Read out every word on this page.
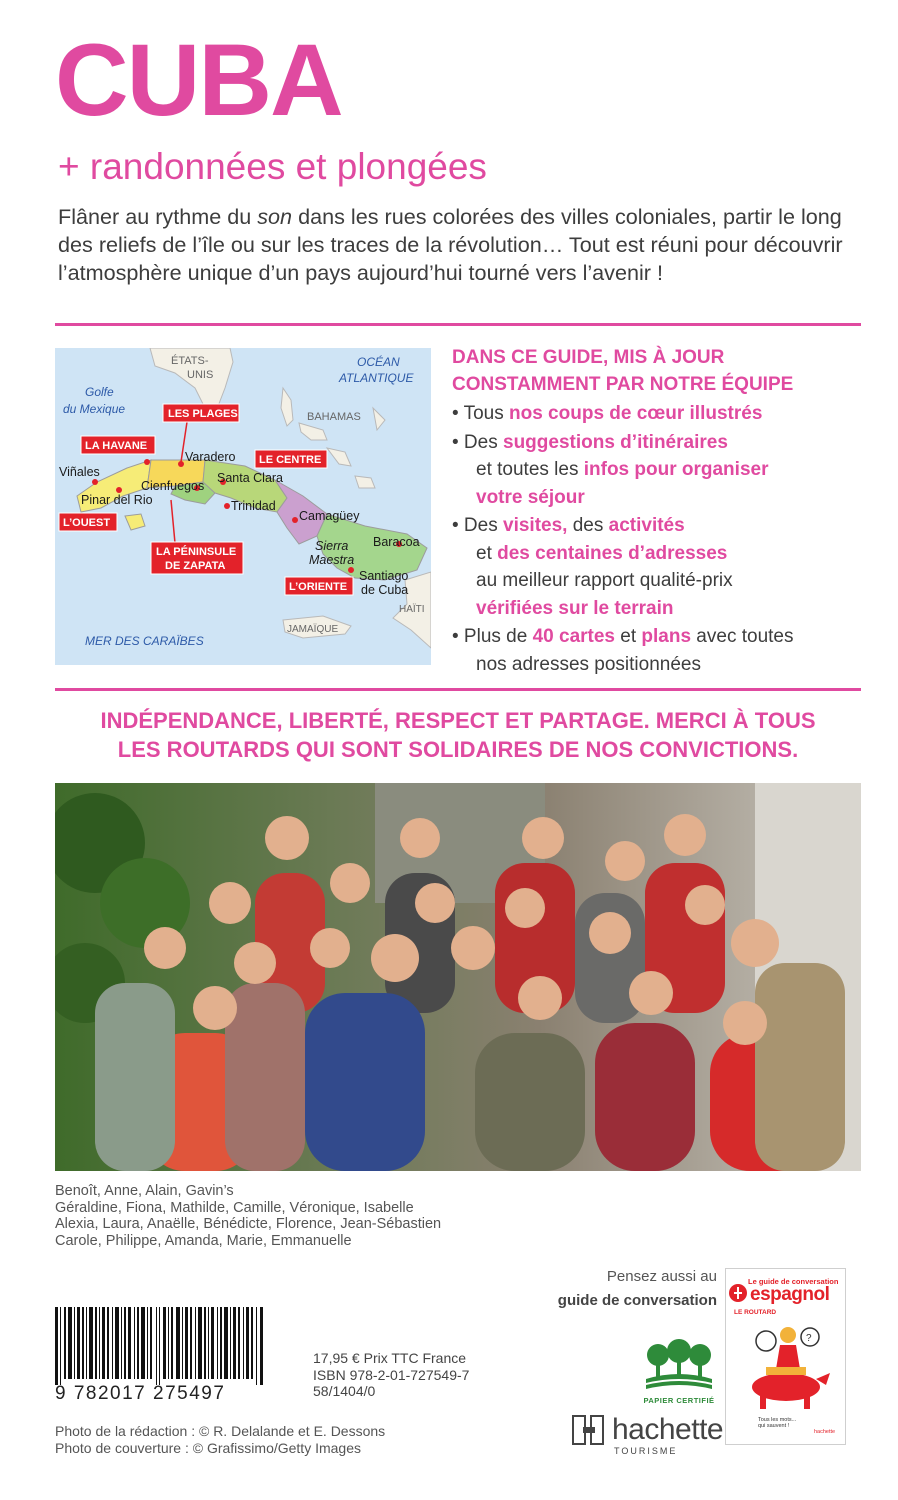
CUBA
+ randonnées et plongées
Flâner au rythme du son dans les rues colorées des villes coloniales, partir le long des reliefs de l’île ou sur les traces de la révolution… Tout est réuni pour découvrir l’atmosphère unique d’un pays aujourd’hui tourné vers l’avenir !
Golfe
du Mexique
OCÉAN
ATLANTIQUE
MER DES CARAÏBES
ÉTATS-
UNIS
BAHAMAS
HAÏTI
JAMAÏQUE
Varadero
Santa Clara
Viñales
Cienfuegos
Pinar del Rio	Trinidad
Camagüey
Baracoa
Sierra
Maestra
Santiago
de Cuba
LES PLAGES
LA HAVANE
LE CENTRE
L’OUEST
LA PÉNINSULE
DE ZAPATA
L’ORIENTE
DANS CE GUIDE, MIS À JOUR
CONSTAMMENT PAR NOTRE ÉQUIPE
• Tous nos coups de cœur illustrés
• Des suggestions d’itinéraires
et toutes les infos pour organiser
votre séjour
• Des visites, des activités
et des centaines d’adresses
au meilleur rapport qualité-prix
vérifiées sur le terrain
• Plus de 40 cartes et plans avec toutes
nos adresses positionnées
INDÉPENDANCE, LIBERTÉ, RESPECT ET PARTAGE. MERCI À TOUS
LES ROUTARDS QUI SONT SOLIDAIRES DE NOS CONVICTIONS.
Benoît, Anne, Alain, Gavin’s
Géraldine, Fiona, Mathilde, Camille, Véronique, Isabelle
Alexia, Laura, Anaëlle, Bénédicte, Florence, Jean-Sébastien
Carole, Philippe, Amanda, Marie, Emmanuelle
9 782017 275497
17,95 € Prix TTC France
ISBN 978-2-01-727549-7
58/1404/0
Photo de la rédaction : © R. Delalande et E. Dessons
Photo de couverture : © Grafissimo/Getty Images
Pensez aussi au
guide de conversation
PAPIER CERTIFIÉ
hachette
TOURISME
?
Le guide de conversation
espagnol
LE ROUTARD
Tous les mots...
qui sauvent !
hachette
